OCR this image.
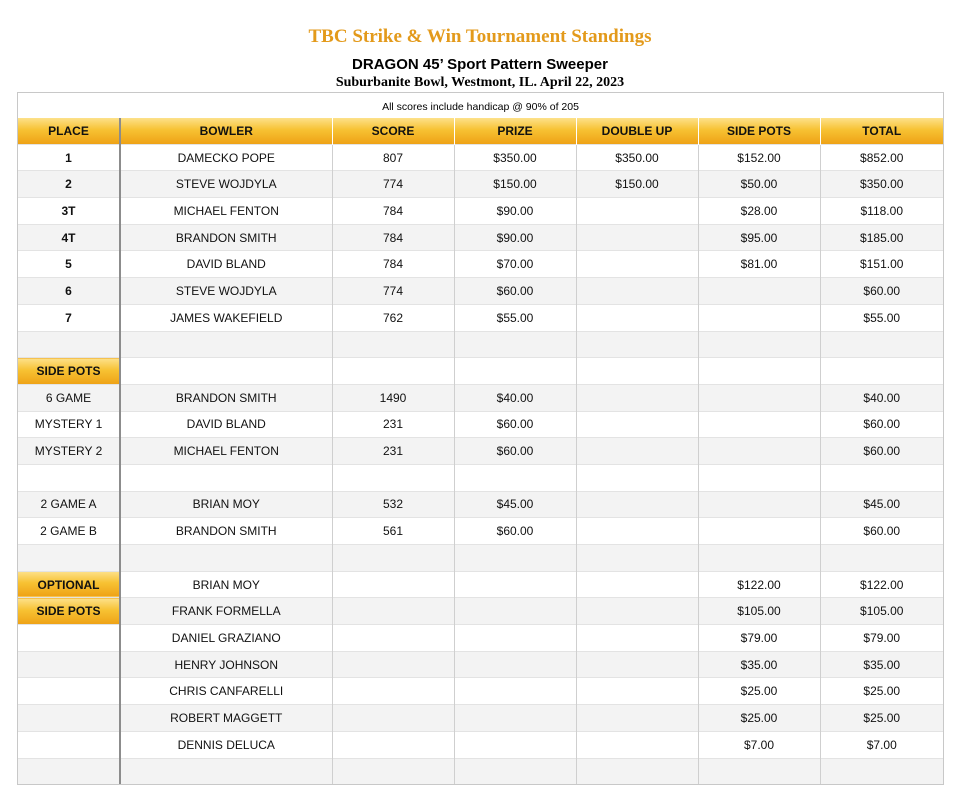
TBC Strike & Win Tournament Standings
DRAGON 45’ Sport Pattern Sweeper
Suburbanite Bowl, Westmont, IL. April 22, 2023
All scores include handicap @ 90% of 205
PLACE	BOWLER	SCORE	PRIZE	DOUBLE UP	SIDE POTS	TOTAL
1	DAMECKO POPE	807	$350.00	$350.00	$152.00	$852.00
2	STEVE WOJDYLA	774	$150.00	$150.00	$50.00	$350.00
3T	MICHAEL FENTON	784	$90.00		$28.00	$118.00
4T	BRANDON SMITH	784	$90.00		$95.00	$185.00
5	DAVID BLAND	784	$70.00		$81.00	$151.00
6	STEVE WOJDYLA	774	$60.00			$60.00
7	JAMES WAKEFIELD	762	$55.00			$55.00

SIDE POTS						
6 GAME	BRANDON SMITH	1490	$40.00			$40.00
MYSTERY 1	DAVID BLAND	231	$60.00			$60.00
MYSTERY 2	MICHAEL FENTON	231	$60.00			$60.00

2 GAME A	BRIAN MOY	532	$45.00			$45.00
2 GAME B	BRANDON SMITH	561	$60.00			$60.00

OPTIONAL	BRIAN MOY				$122.00	$122.00
SIDE POTS	FRANK FORMELLA				$105.00	$105.00
	DANIEL GRAZIANO				$79.00	$79.00
	HENRY JOHNSON				$35.00	$35.00
	CHRIS CANFARELLI				$25.00	$25.00
	ROBERT MAGGETT				$25.00	$25.00
	DENNIS DELUCA				$7.00	$7.00
